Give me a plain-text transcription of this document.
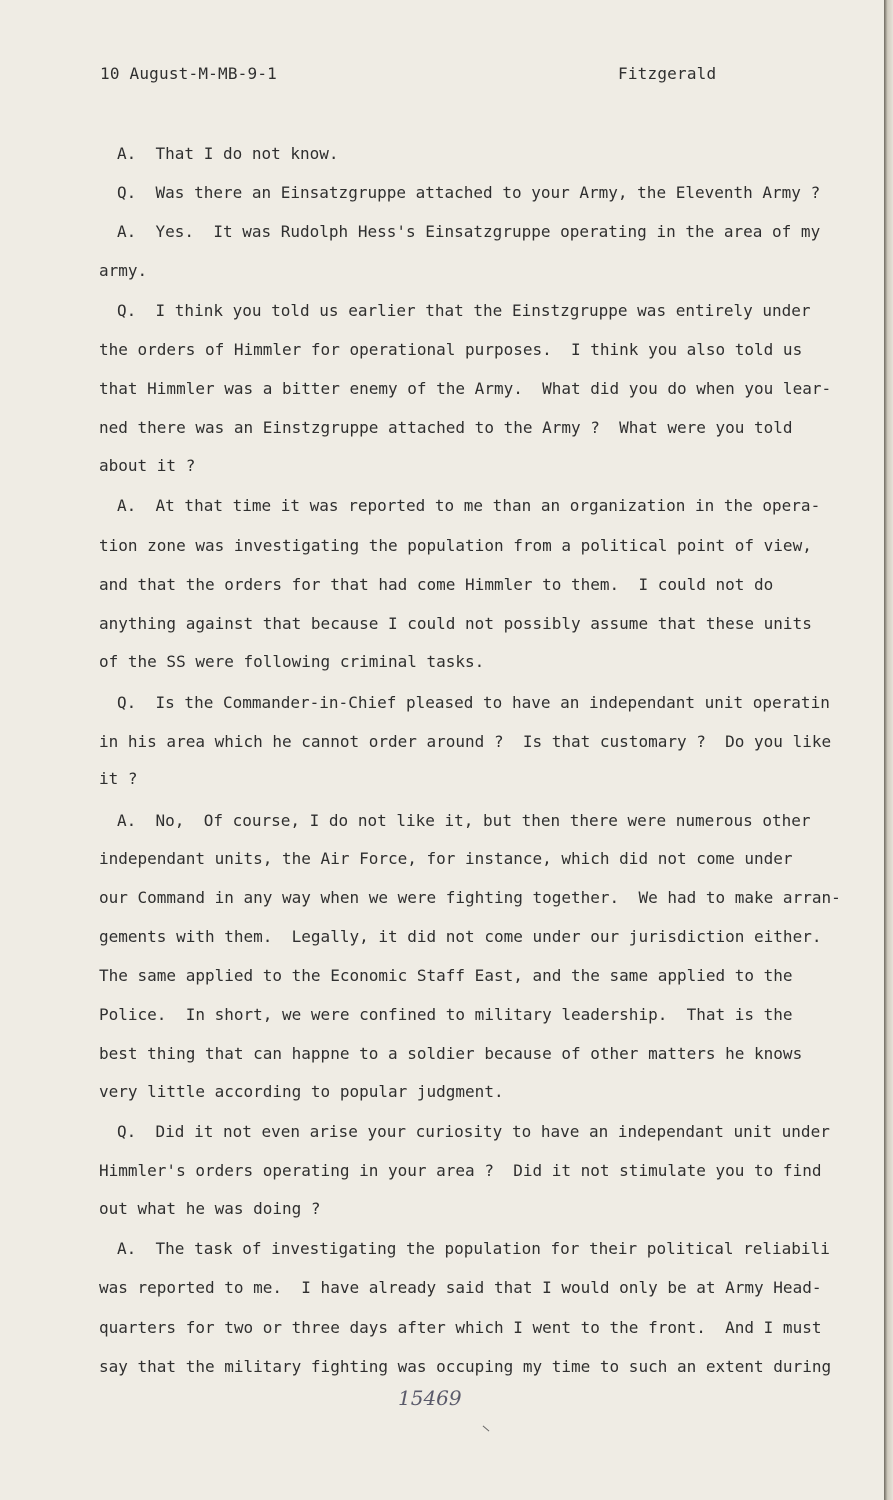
10 August-M-MB-9-1	Fitzgerald
A.  That I do not know.
Q.  Was there an Einsatzgruppe attached to your Army, the Eleventh Army ?
A.  Yes.  It was Rudolph Hess's Einsatzgruppe operating in the area of my
army.
Q.  I think you told us earlier that the Einstzgruppe was entirely under
the orders of Himmler for operational purposes.  I think you also told us
that Himmler was a bitter enemy of the Army.  What did you do when you lear-
ned there was an Einstzgruppe attached to the Army ?  What were you told
about it ?
A.  At that time it was reported to me than an organization in the opera-
tion zone was investigating the population from a political point of view,
and that the orders for that had come Himmler to them.  I could not do
anything against that because I could not possibly assume that these units
of the SS were following criminal tasks.
Q.  Is the Commander-in-Chief pleased to have an independant unit operatin
in his area which he cannot order around ?  Is that customary ?  Do you like
it ?
A.  No,  Of course, I do not like it, but then there were numerous other
independant units, the Air Force, for instance, which did not come under
our Command in any way when we were fighting together.  We had to make arran-
gements with them.  Legally, it did not come under our jurisdiction either.
The same applied to the Economic Staff East, and the same applied to the
Police.  In short, we were confined to military leadership.  That is the
best thing that can happne to a soldier because of other matters he knows
very little according to popular judgment.
Q.  Did it not even arise your curiosity to have an independant unit under
Himmler's orders operating in your area ?  Did it not stimulate you to find
out what he was doing ?
A.  The task of investigating the population for their political reliabili
was reported to me.  I have already said that I would only be at Army Head-
quarters for two or three days after which I went to the front.  And I must
say that the military fighting was occuping my time to such an extent during
15469
